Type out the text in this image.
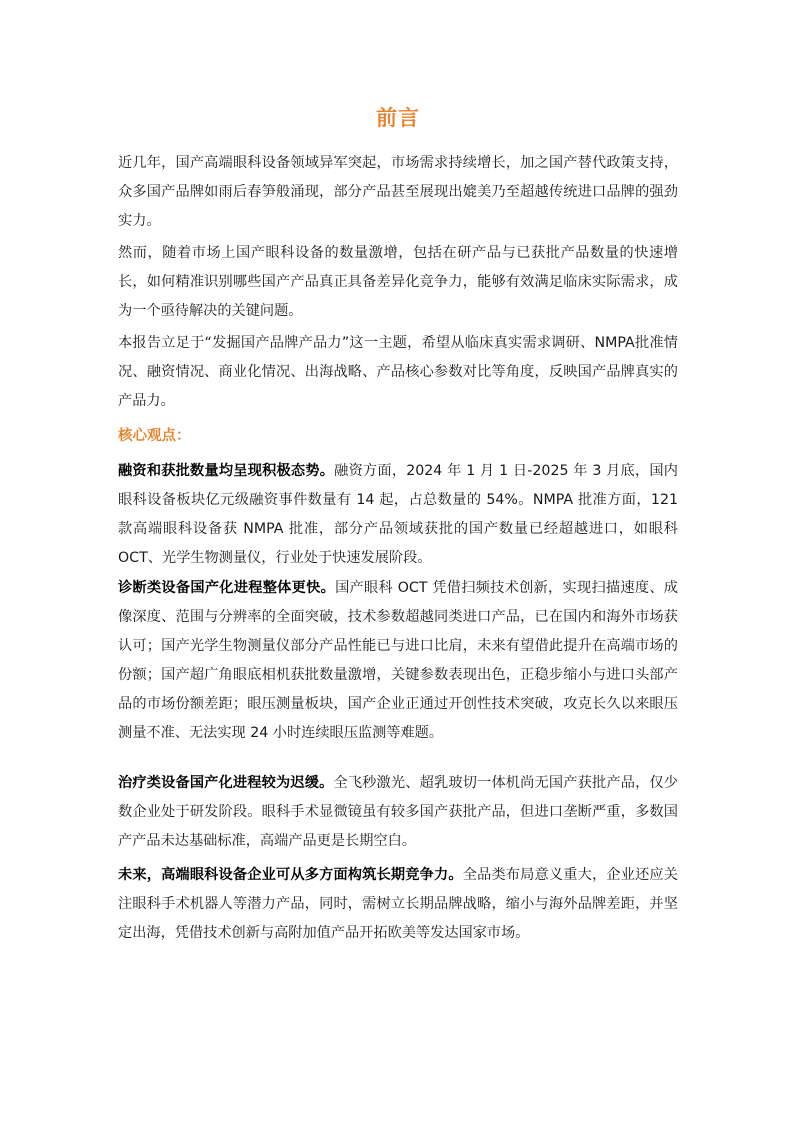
前言

近几年，国产高端眼科设备领域异军突起，市场需求持续增长，加之国产替代政策支持，众多国产品牌如雨后春笋般涌现，部分产品甚至展现出媲美乃至超越传统进口品牌的强劲实力。

然而，随着市场上国产眼科设备的数量激增，包括在研产品与已获批产品数量的快速增长，如何精准识别哪些国产产品真正具备差异化竞争力，能够有效满足临床实际需求，成为一个亟待解决的关键问题。

本报告立足于“发掘国产品牌产品力”这一主题，希望从临床真实需求调研、NMPA批准情况、融资情况、商业化情况、出海战略、产品核心参数对比等角度，反映国产品牌真实的产品力。

核心观点：

融资和获批数量均呈现积极态势。融资方面，2024 年 1 月 1 日-2025 年 3 月底，国内眼科设备板块亿元级融资事件数量有 14 起，占总数量的 54%。NMPA 批准方面，121 款高端眼科设备获 NMPA 批准，部分产品领域获批的国产数量已经超越进口，如眼科 OCT、光学生物测量仪，行业处于快速发展阶段。

诊断类设备国产化进程整体更快。国产眼科 OCT 凭借扫频技术创新，实现扫描速度、成像深度、范围与分辨率的全面突破，技术参数超越同类进口产品，已在国内和海外市场获认可；国产光学生物测量仪部分产品性能已与进口比肩，未来有望借此提升在高端市场的份额；国产超广角眼底相机获批数量激增，关键参数表现出色，正稳步缩小与进口头部产品的市场份额差距；眼压测量板块，国产企业正通过开创性技术突破，攻克长久以来眼压测量不准、无法实现 24 小时连续眼压监测等难题。

治疗类设备国产化进程较为迟缓。全飞秒激光、超乳玻切一体机尚无国产获批产品，仅少数企业处于研发阶段。眼科手术显微镜虽有较多国产获批产品，但进口垄断严重，多数国产产品未达基础标准，高端产品更是长期空白。

未来，高端眼科设备企业可从多方面构筑长期竞争力。全品类布局意义重大，企业还应关注眼科手术机器人等潜力产品，同时，需树立长期品牌战略，缩小与海外品牌差距，并坚定出海，凭借技术创新与高附加值产品开拓欧美等发达国家市场。
